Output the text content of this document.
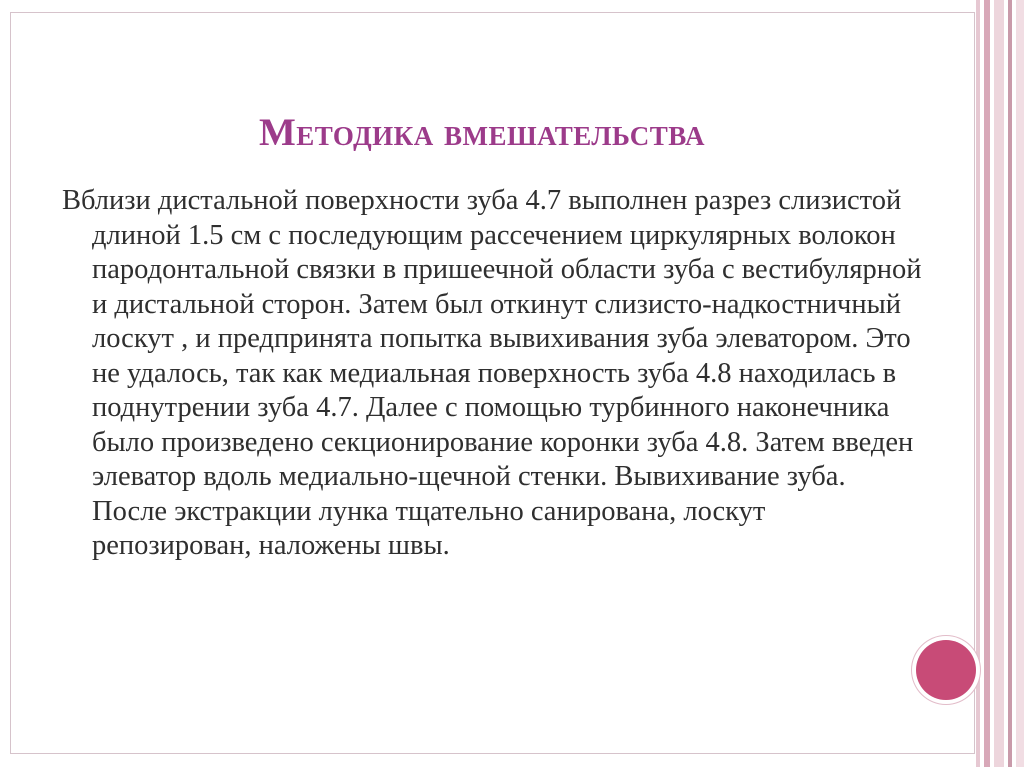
Методика вмешательства

Вблизи дистальной поверхности зуба 4.7 выполнен разрез слизистой длиной 1.5 см с последующим рассечением циркулярных волокон пародонтальной связки в пришеечной области зуба с вестибулярной и дистальной сторон. Затем был откинут слизисто-надкостничный лоскут , и предпринята попытка вывихивания зуба элеватором. Это не удалось, так как медиальная поверхность зуба 4.8 находилась в поднутрении зуба 4.7. Далее с помощью турбинного наконечника было произведено секционирование коронки зуба 4.8. Затем введен элеватор вдоль медиально-щечной стенки. Вывихивание зуба. После экстракции лунка тщательно санирована, лоскут репозирован, наложены швы.
